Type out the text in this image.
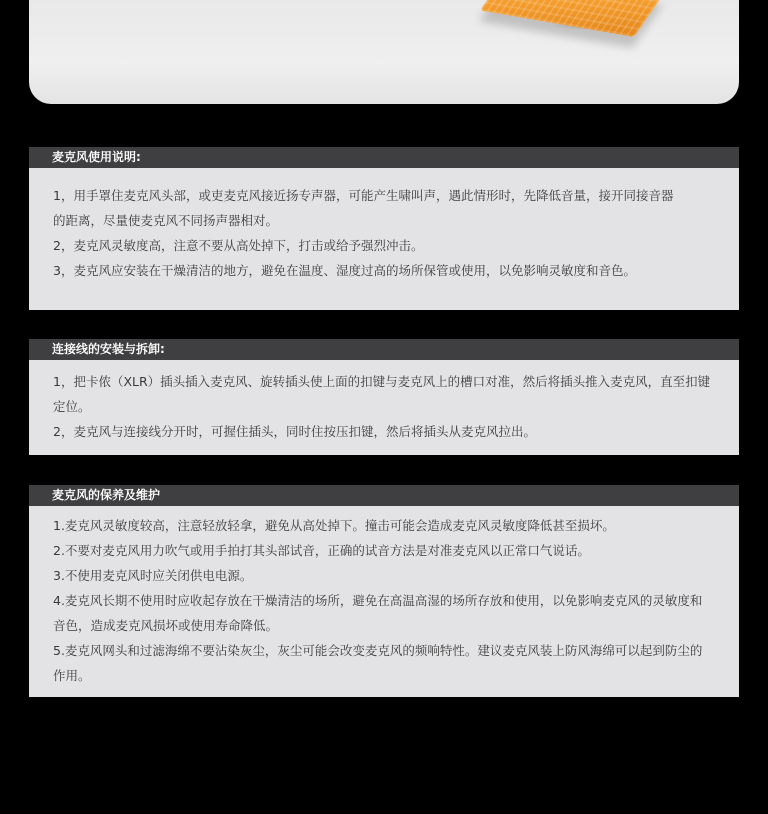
麦克风使用说明:

1，用手罩住麦克风头部，或吏麦克风接近扬专声器，可能产生啸叫声，遇此情形时，先降低音量，接开同接音器

的距离，尽量使麦克风不同扬声器相对。

2，麦克风灵敏度高，注意不要从高处掉下，打击或给予强烈冲击。

3，麦克风应安装在干燥清洁的地方，避免在温度、湿度过高的场所保管或使用，以免影响灵敏度和音色。

连接线的安装与拆卸:

1，把卡侬（XLR）插头插入麦克风、旋转插头使上面的扣键与麦克风上的槽口对准，然后将插头推入麦克风，直至扣键

定位。

2，麦克风与连接线分开时，可握住插头，同时住按压扣键，然后将插头从麦克风拉出。

麦克风的保养及维护

1.麦克风灵敏度较高，注意轻放轻拿，避免从高处掉下。撞击可能会造成麦克风灵敏度降低甚至损坏。

2.不要对麦克风用力吹气或用手拍打其头部试音，正确的试音方法是对准麦克风以正常口气说话。

3.不使用麦克风时应关闭供电电源。

4.麦克风长期不使用时应收起存放在干燥清洁的场所，避免在高温高湿的场所存放和使用，以免影响麦克风的灵敏度和

音色，造成麦克风损坏或使用寿命降低。

5.麦克风网头和过滤海绵不要沾染灰尘，灰尘可能会改变麦克风的频响特性。建议麦克风装上防风海绵可以起到防尘的

作用。
